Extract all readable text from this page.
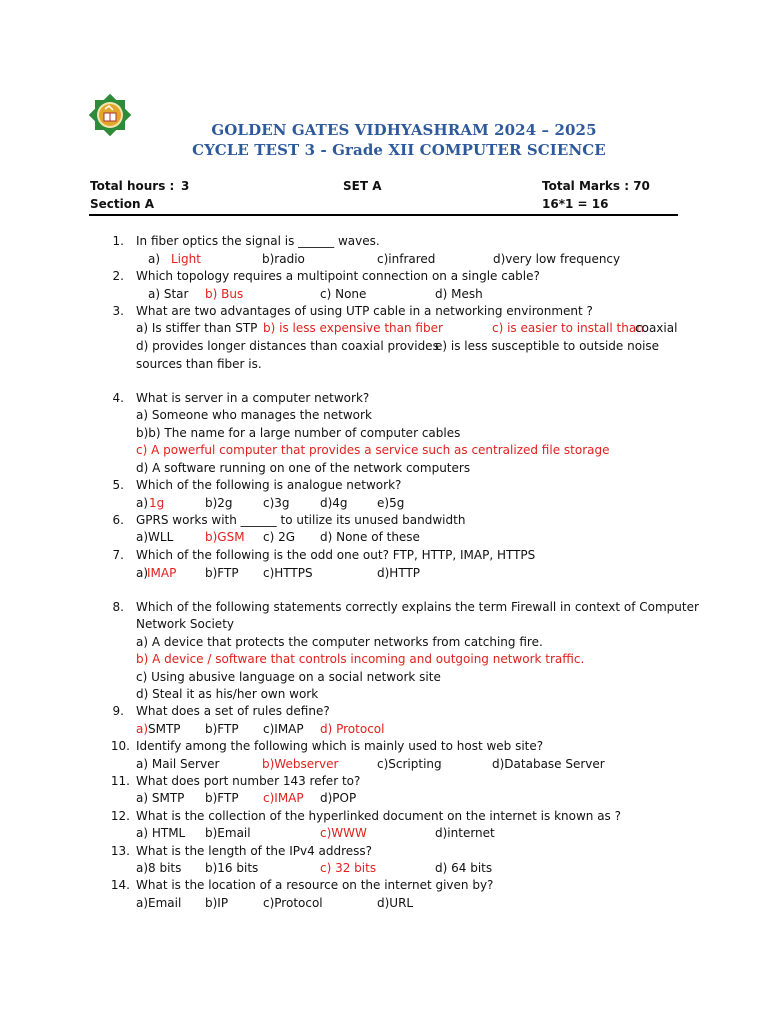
GOLDEN GATES VIDHYASHRAM 2024 – 2025
CYCLE TEST 3 - Grade XII COMPUTER SCIENCE
Total hours : 3	SET A	Total Marks : 70
Section A	16*1 = 16
1. In fiber optics the signal is ______ waves.
a) Light	b)radio	c)infrared	d)very low frequency
2. Which topology requires a multipoint connection on a single cable?
a) Star b) Bus	c) None	d) Mesh
3. What are two advantages of using UTP cable in a networking environment ?
a) Is stiffer than STP b) is less expensive than fiber	c) is easier to install than
coaxial
d) provides longer distances than coaxial provides
e) is less susceptible to outside noise
sources than fiber is.
4. What is server in a computer network?
a) Someone who manages the network
b)b) The name for a large number of computer cables
c) A powerful computer that provides a service such as centralized file storage
d) A software running on one of the network computers
5. Which of the following is analogue network?
a) 1g	b)2g	c)3g	d)4g e)5g
6. GPRS works with ______ to utilize its unused bandwidth
a)WLL	b)GSM c) 2G d) None of these
7. Which of the following is the odd one out? FTP, HTTP, IMAP, HTTPS
a)
IMAP b)FTP c)HTTPS	d)HTTP
8. Which of the following statements correctly explains the term Firewall in context of Computer
Network Society
a) A device that protects the computer networks from catching fire.
b) A device / software that controls incoming and outgoing network traffic.
c) Using abusive language on a social network site
d) Steal it as his/her own work
9. What does a set of rules define?
a) SMTP b)FTP c)IMAP d) Protocol
10. Identify among the following which is mainly used to host web site?
a) Mail Server	b)Webserver	c)Scripting	d)Database Server
11. What does port number 143 refer to?
a) SMTP b)FTP c)IMAP d)POP
12. What is the collection of the hyperlinked document on the internet is known as ?
a) HTML b)Email	c)WWW	d)internet
13. What is the length of the IPv4 address?
a)8 bits b)16 bits	c) 32 bits	d) 64 bits
14. What is the location of a resource on the internet given by?
a)Email b)IP	c)Protocol	d)URL
